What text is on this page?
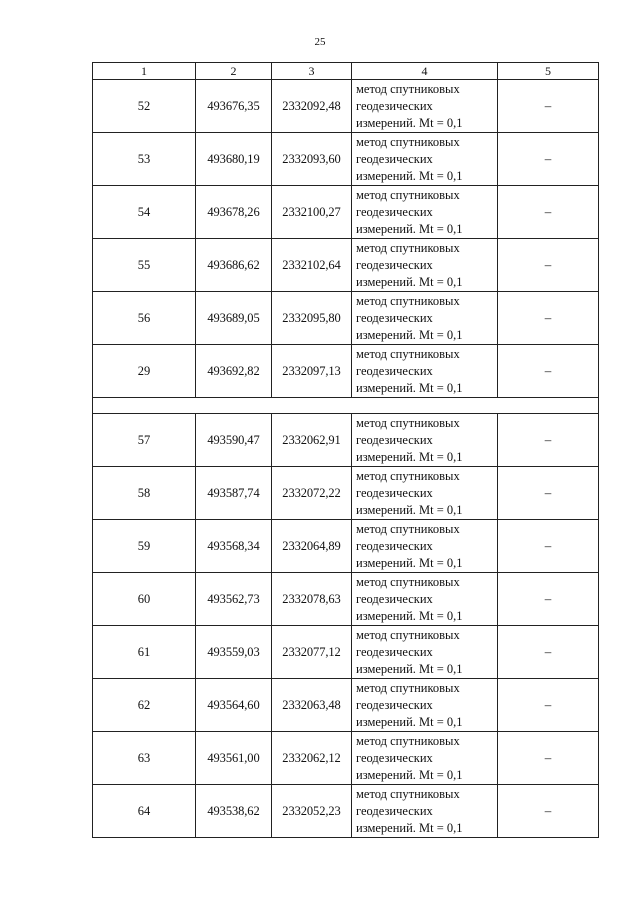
25
1	2	3	4	5
52	493676,35	2332092,48	метод спутниковых
геодезических
измерений. Mt = 0,1	–
53	493680,19	2332093,60	метод спутниковых
геодезических
измерений. Mt = 0,1	–
54	493678,26	2332100,27	метод спутниковых
геодезических
измерений. Mt = 0,1	–
55	493686,62	2332102,64	метод спутниковых
геодезических
измерений. Mt = 0,1	–
56	493689,05	2332095,80	метод спутниковых
геодезических
измерений. Mt = 0,1	–
29	493692,82	2332097,13	метод спутниковых
геодезических
измерений. Mt = 0,1	–

57	493590,47	2332062,91	метод спутниковых
геодезических
измерений. Mt = 0,1	–
58	493587,74	2332072,22	метод спутниковых
геодезических
измерений. Mt = 0,1	–
59	493568,34	2332064,89	метод спутниковых
геодезических
измерений. Mt = 0,1	–
60	493562,73	2332078,63	метод спутниковых
геодезических
измерений. Mt = 0,1	–
61	493559,03	2332077,12	метод спутниковых
геодезических
измерений. Mt = 0,1	–
62	493564,60	2332063,48	метод спутниковых
геодезических
измерений. Mt = 0,1	–
63	493561,00	2332062,12	метод спутниковых
геодезических
измерений. Mt = 0,1	–
64	493538,62	2332052,23	метод спутниковых
геодезических
измерений. Mt = 0,1	–
